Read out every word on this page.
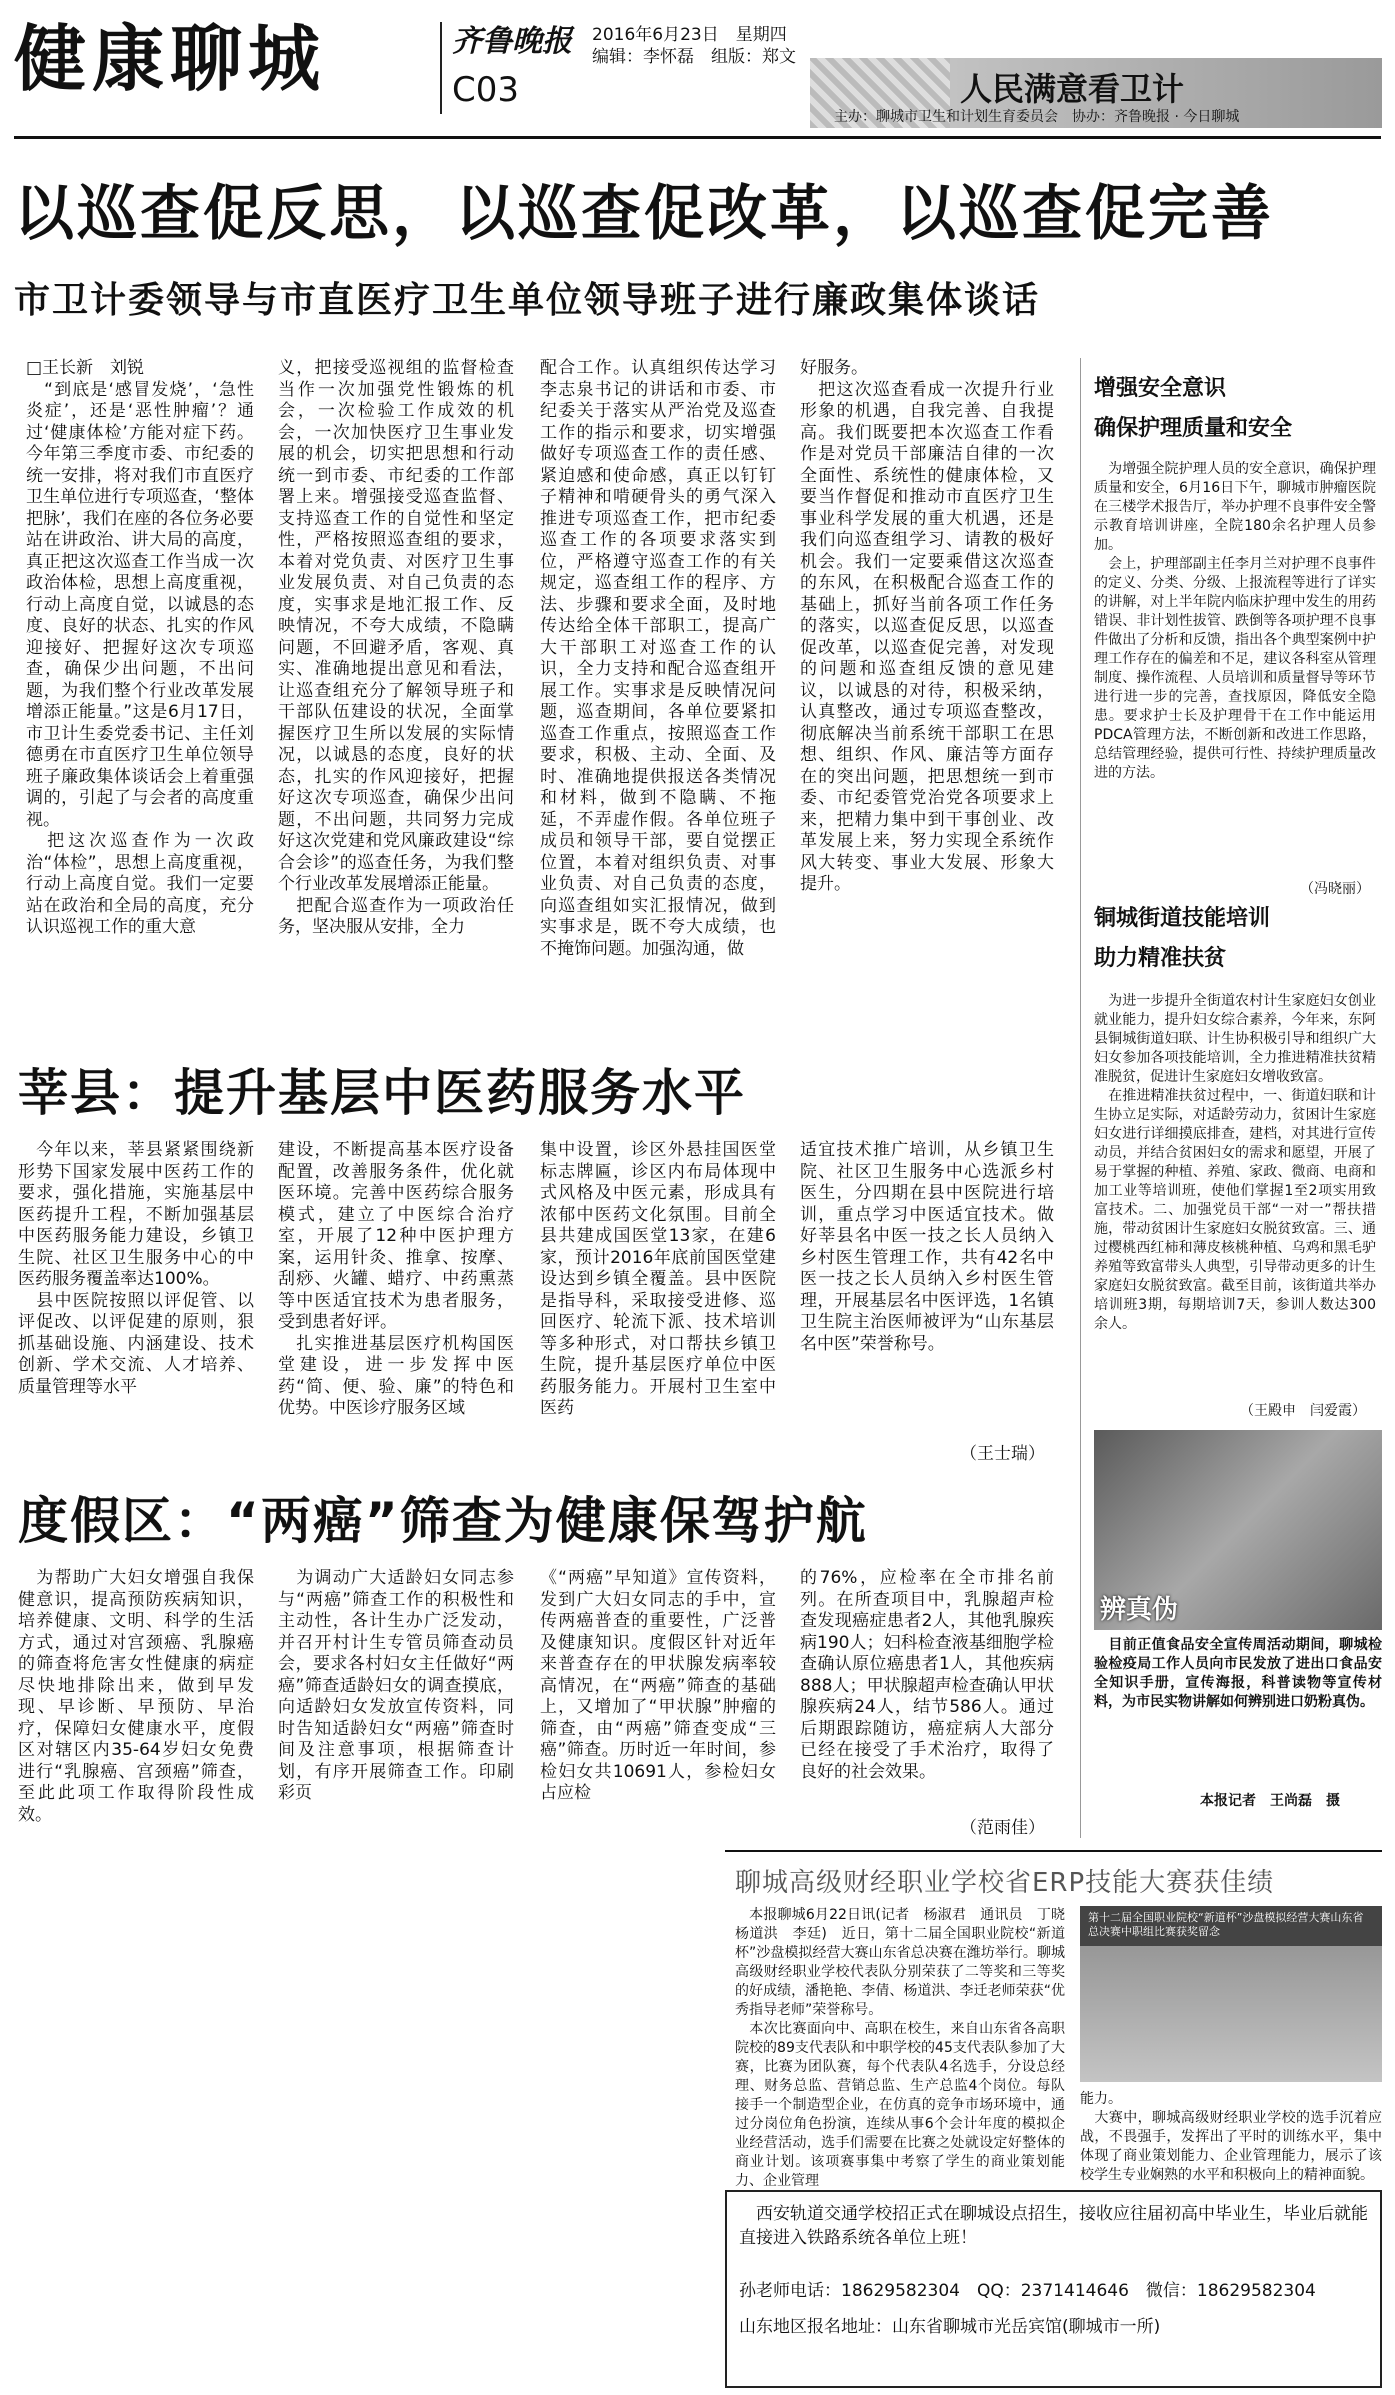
健康聊城	齐鲁晚报 2016年6月23日　星期四
编辑：李怀磊　组版：郑文
C03	人民满意看卫计
主办：聊城市卫生和计划生育委员会　协办：齐鲁晚报 · 今日聊城
以巡查促反思，以巡查促改革，以巡查促完善
市卫计委领导与市直医疗卫生单位领导班子进行廉政集体谈话
□王长新　刘锐
　“到底是‘感冒发烧’，‘急性炎症’，还是‘恶性肿瘤’？通过‘健康体检’方能对症下药。今年第三季度市委、市纪委的统一安排，将对我们市直医疗卫生单位进行专项巡查，‘整体把脉’，我们在座的各位务必要站在讲政治、讲大局的高度，真正把这次巡查工作当成一次政治体检，思想上高度重视，行动上高度自觉，以诚恳的态度、良好的状态、扎实的作风迎接好、把握好这次专项巡查，确保少出问题，不出问题，为我们整个行业改革发展增添正能量。”这是6月17日，市卫计生委党委书记、主任刘德勇在市直医疗卫生单位领导班子廉政集体谈话会上着重强调的，引起了与会者的高度重视。
　把这次巡查作为一次政治“体检”，思想上高度重视，行动上高度自觉。我们一定要站在政治和全局的高度，充分认识巡视工作的重大意
义，把接受巡视组的监督检查当作一次加强党性锻炼的机会，一次检验工作成效的机会，一次加快医疗卫生事业发展的机会，切实把思想和行动统一到市委、市纪委的工作部署上来。增强接受巡查监督、支持巡查工作的自觉性和坚定性，严格按照巡查组的要求，本着对党负责、对医疗卫生事业发展负责、对自己负责的态度，实事求是地汇报工作、反映情况，不夸大成绩，不隐瞒问题，不回避矛盾，客观、真实、准确地提出意见和看法，让巡查组充分了解领导班子和干部队伍建设的状况，全面掌握医疗卫生所以发展的实际情况，以诚恳的态度，良好的状态，扎实的作风迎接好，把握好这次专项巡查，确保少出问题，不出问题，共同努力完成好这次党建和党风廉政建设“综合会诊”的巡查任务，为我们整个行业改革发展增添正能量。
　把配合巡查作为一项政治任务，坚决服从安排，全力
配合工作。认真组织传达学习李志泉书记的讲话和市委、市纪委关于落实从严治党及巡查工作的指示和要求，切实增强做好专项巡查工作的责任感、紧迫感和使命感，真正以钉钉子精神和啃硬骨头的勇气深入推进专项巡查工作，把市纪委巡查工作的各项要求落实到位，严格遵守巡查工作的有关规定，巡查组工作的程序、方法、步骤和要求全面，及时地传达给全体干部职工，提高广大干部职工对巡查工作的认识，全力支持和配合巡查组开展工作。实事求是反映情况问题，巡查期间，各单位要紧扣巡查工作重点，按照巡查工作要求，积极、主动、全面、及时、准确地提供报送各类情况和材料，做到不隐瞒、不拖延，不弄虚作假。各单位班子成员和领导干部，要自觉摆正位置，本着对组织负责、对事业负责、对自己负责的态度，向巡查组如实汇报情况，做到实事求是，既不夸大成绩，也不掩饰问题。加强沟通，做
好服务。
　把这次巡查看成一次提升行业形象的机遇，自我完善、自我提高。我们既要把本次巡查工作看作是对党员干部廉洁自律的一次全面性、系统性的健康体检，又要当作督促和推动市直医疗卫生事业科学发展的重大机遇，还是我们向巡查组学习、请教的极好机会。我们一定要乘借这次巡查的东风，在积极配合巡查工作的基础上，抓好当前各项工作任务的落实，以巡查促反思，以巡查促改革，以巡查促完善，对发现的问题和巡查组反馈的意见建议，以诚恳的对待，积极采纳，认真整改，通过专项巡查整改，彻底解决当前系统干部职工在思想、组织、作风、廉洁等方面存在的突出问题，把思想统一到市委、市纪委管党治党各项要求上来，把精力集中到干事创业、改革发展上来，努力实现全系统作风大转变、事业大发展、形象大提升。
增强安全意识
确保护理质量和安全
　为增强全院护理人员的安全意识，确保护理质量和安全，6月16日下午，聊城市肿瘤医院在三楼学术报告厅，举办护理不良事件安全警示教育培训讲座，全院180余名护理人员参加。
　会上，护理部副主任李月兰对护理不良事件的定义、分类、分级、上报流程等进行了详实的讲解，对上半年院内临床护理中发生的用药错误、非计划性拔管、跌倒等各项护理不良事件做出了分析和反馈，指出各个典型案例中护理工作存在的偏差和不足，建议各科室从管理制度、操作流程、人员培训和质量督导等环节进行进一步的完善，查找原因，降低安全隐患。要求护士长及护理骨干在工作中能运用PDCA管理方法，不断创新和改进工作思路，总结管理经验，提供可行性、持续护理质量改进的方法。
（冯晓丽）
铜城街道技能培训
助力精准扶贫
　为进一步提升全街道农村计生家庭妇女创业就业能力，提升妇女综合素养，今年来，东阿县铜城街道妇联、计生协积极引导和组织广大妇女参加各项技能培训，全力推进精准扶贫精准脱贫，促进计生家庭妇女增收致富。
　在推进精准扶贫过程中，一、街道妇联和计生协立足实际，对适龄劳动力，贫困计生家庭妇女进行详细摸底排查，建档，对其进行宣传动员，并结合贫困妇女的需求和愿望，开展了易于掌握的种植、养殖、家政、微商、电商和加工业等培训班，使他们掌握1至2项实用致富技术。二、加强党员干部“一对一”帮扶措施，带动贫困计生家庭妇女脱贫致富。三、通过樱桃西红柿和薄皮核桃种植、乌鸡和黑毛驴养殖等致富带头人典型，引导带动更多的计生家庭妇女脱贫致富。截至目前，该街道共举办培训班3期，每期培训7天，参训人数达300余人。
（王殿申　闫爱霞）
莘县：提升基层中医药服务水平
　今年以来，莘县紧紧围绕新形势下国家发展中医药工作的要求，强化措施，实施基层中医药提升工程，不断加强基层中医药服务能力建设，乡镇卫生院、社区卫生服务中心的中医药服务覆盖率达100%。
　县中医院按照以评促管、以评促改、以评促建的原则，狠抓基础设施、内涵建设、技术创新、学术交流、人才培养、质量管理等水平
建设，不断提高基本医疗设备配置，改善服务条件，优化就医环境。完善中医药综合服务模式，建立了中医综合治疗室，开展了12种中医护理方案，运用针灸、推拿、按摩、刮痧、火罐、蜡疗、中药熏蒸等中医适宜技术为患者服务，受到患者好评。
　扎实推进基层医疗机构国医堂建设，进一步发挥中医药“简、便、验、廉”的特色和优势。中医诊疗服务区域
集中设置，诊区外悬挂国医堂标志牌匾，诊区内布局体现中式风格及中医元素，形成具有浓郁中医药文化氛围。目前全县共建成国医堂13家，在建6家，预计2016年底前国医堂建设达到乡镇全覆盖。县中医院是指导科，采取接受进修、巡回医疗、轮流下派、技术培训等多种形式，对口帮扶乡镇卫生院，提升基层医疗单位中医药服务能力。开展村卫生室中医药
适宜技术推广培训，从乡镇卫生院、社区卫生服务中心选派乡村医生，分四期在县中医院进行培训，重点学习中医适宜技术。做好莘县名中医一技之长人员纳入乡村医生管理工作，共有42名中医一技之长人员纳入乡村医生管理，开展基层名中医评选，1名镇卫生院主治医师被评为“山东基层名中医”荣誉称号。
（王士瑞）
度假区：“两癌”筛查为健康保驾护航
　为帮助广大妇女增强自我保健意识，提高预防疾病知识，培养健康、文明、科学的生活方式，通过对宫颈癌、乳腺癌的筛查将危害女性健康的病症尽快地排除出来，做到早发现、早诊断、早预防、早治疗，保障妇女健康水平，度假区对辖区内35-64岁妇女免费进行“乳腺癌、宫颈癌”筛查，至此此项工作取得阶段性成效。
　为调动广大适龄妇女同志参与“两癌”筛查工作的积极性和主动性，各计生办广泛发动，并召开村计生专管员筛查动员会，要求各村妇女主任做好“两癌”筛查适龄妇女的调查摸底，向适龄妇女发放宣传资料，同时告知适龄妇女“两癌”筛查时间及注意事项，根据筛查计划，有序开展筛查工作。印刷彩页
《“两癌”早知道》宣传资料，发到广大妇女同志的手中，宣传两癌普查的重要性，广泛普及健康知识。度假区针对近年来普查存在的甲状腺发病率较高情况，在“两癌”筛查的基础上，又增加了“甲状腺”肿瘤的筛查，由“两癌”筛查变成“三癌”筛查。历时近一年时间，参检妇女共10691人，参检妇女占应检
的76%，应检率在全市排名前列。在所查项目中，乳腺超声检查发现癌症患者2人，其他乳腺疾病190人；妇科检查液基细胞学检查确认原位癌患者1人，其他疾病888人；甲状腺超声检查确认甲状腺疾病24人，结节586人。通过后期跟踪随访，癌症病人大部分已经在接受了手术治疗，取得了良好的社会效果。
（范雨佳）
辨真伪
　目前正值食品安全宣传周活动期间，聊城检验检疫局工作人员向市民发放了进出口食品安全知识手册，宣传海报，科普读物等宣传材料，为市民实物讲解如何辨别进口奶粉真伪。
本报记者　王尚磊　摄
聊城高级财经职业学校省ERP技能大赛获佳绩
　本报聊城6月22日讯(记者　杨淑君　通讯员　丁晓　杨道洪　李廷)　近日，第十二届全国职业院校“新道杯”沙盘模拟经营大赛山东省总决赛在潍坊举行。聊城高级财经职业学校代表队分别荣获了二等奖和三等奖的好成绩，潘艳艳、李倩、杨道洪、李迁老师荣获“优秀指导老师”荣誉称号。
　本次比赛面向中、高职在校生，来自山东省各高职院校的89支代表队和中职学校的45支代表队参加了大赛，比赛为团队赛，每个代表队4名选手，分设总经理、财务总监、营销总监、生产总监4个岗位。每队接手一个制造型企业，在仿真的竞争市场环境中，通过分岗位角色扮演，连续从事6个会计年度的模拟企业经营活动，选手们需要在比赛之处就设定好整体的商业计划。该项赛事集中考察了学生的商业策划能力、企业管理
第十二届全国职业院校“新道杯”沙盘模拟经营大赛山东省总决赛中职组比赛获奖留念
能力。
　大赛中，聊城高级财经职业学校的选手沉着应战，不畏强手，发挥出了平时的训练水平，集中体现了商业策划能力、企业管理能力，展示了该校学生专业娴熟的水平和积极向上的精神面貌。
　西安轨道交通学校招正式在聊城设点招生，接收应往届初高中毕业生，毕业后就能直接进入铁路系统各单位上班！
孙老师电话：18629582304　QQ：2371414646　微信：18629582304
山东地区报名地址：山东省聊城市光岳宾馆(聊城市一所)
